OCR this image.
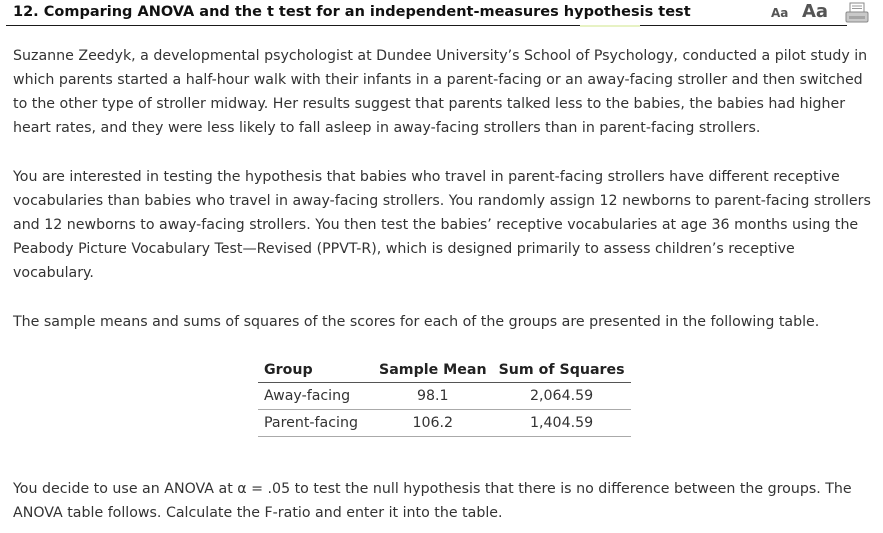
12. Comparing ANOVA and the t test for an independent-measures hypothesis test	Aa Aa

Suzanne Zeedyk, a developmental psychologist at Dundee University’s School of Psychology, conducted a pilot study in which parents started a half-hour walk with their infants in a parent-facing or an away-facing stroller and then switched to the other type of stroller midway. Her results suggest that parents talked less to the babies, the babies had higher heart rates, and they were less likely to fall asleep in away-facing strollers than in parent-facing strollers.

You are interested in testing the hypothesis that babies who travel in parent-facing strollers have different receptive vocabularies than babies who travel in away-facing strollers. You randomly assign 12 newborns to parent-facing strollers and 12 newborns to away-facing strollers. You then test the babies’ receptive vocabularies at age 36 months using the Peabody Picture Vocabulary Test—Revised (PPVT-R), which is designed primarily to assess children’s receptive vocabulary.

The sample means and sums of squares of the scores for each of the groups are presented in the following table.

Group	Sample Mean	Sum of Squares
Away-facing	98.1	2,064.59
Parent-facing	106.2	1,404.59

You decide to use an ANOVA at α = .05 to test the null hypothesis that there is no difference between the groups. The ANOVA table follows. Calculate the F-ratio and enter it into the table.
